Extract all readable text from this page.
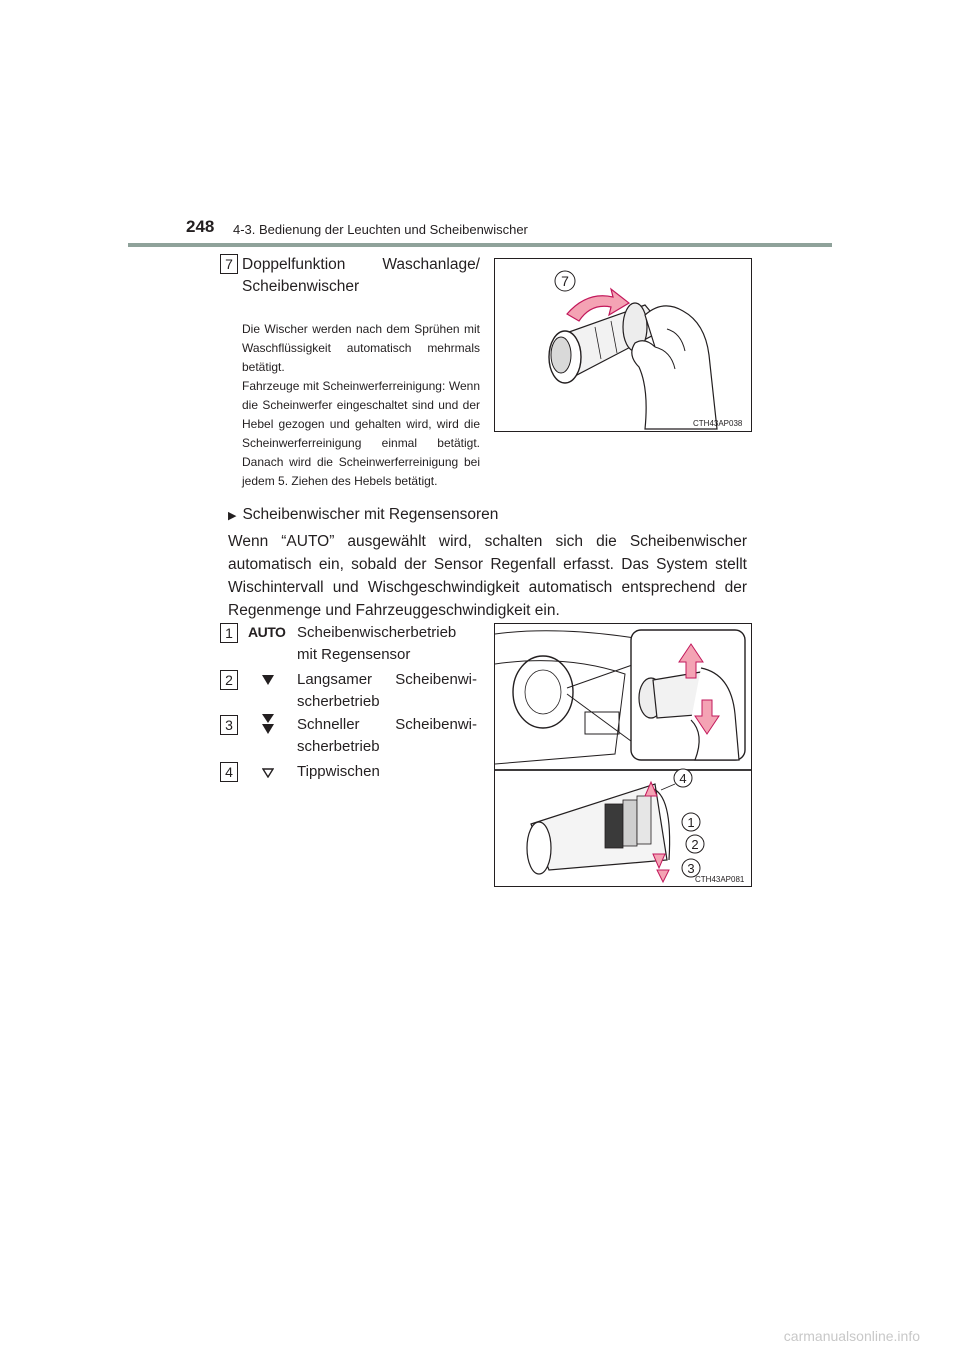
248 4-3. Bedienung der Leuchten und Scheibenwischer
7 Doppelfunktion Waschanlage/
Scheibenwischer
Die Wischer werden nach dem Sprühen mit Waschflüssigkeit automatisch mehrmals betätigt.
Fahrzeuge mit Scheinwerferreinigung: Wenn die Scheinwerfer eingeschaltet sind und der Hebel gezogen und gehalten wird, wird die Scheinwerferreinigung einmal betätigt. Danach wird die Scheinwerferreinigung bei jedem 5. Ziehen des Hebels betätigt.
7
CTH43AP038
▶ Scheibenwischer mit Regensensoren
Wenn “AUTO” ausgewählt wird, schalten sich die Scheibenwischer automatisch ein, sobald der Sensor Regenfall erfasst. Das System stellt Wischintervall und Wischgeschwindigkeit automatisch entsprechend der Regenmenge und Fahrzeuggeschwindigkeit ein.
1	AUTO Scheibenwischerbetrieb
mit Regensensor
2	Langsamer Scheibenwi-
scherbetrieb
3	Schneller Scheibenwi-
scherbetrieb
4	Tippwischen	4
1
2
3
CTH43AP081
carmanualsonline.info
